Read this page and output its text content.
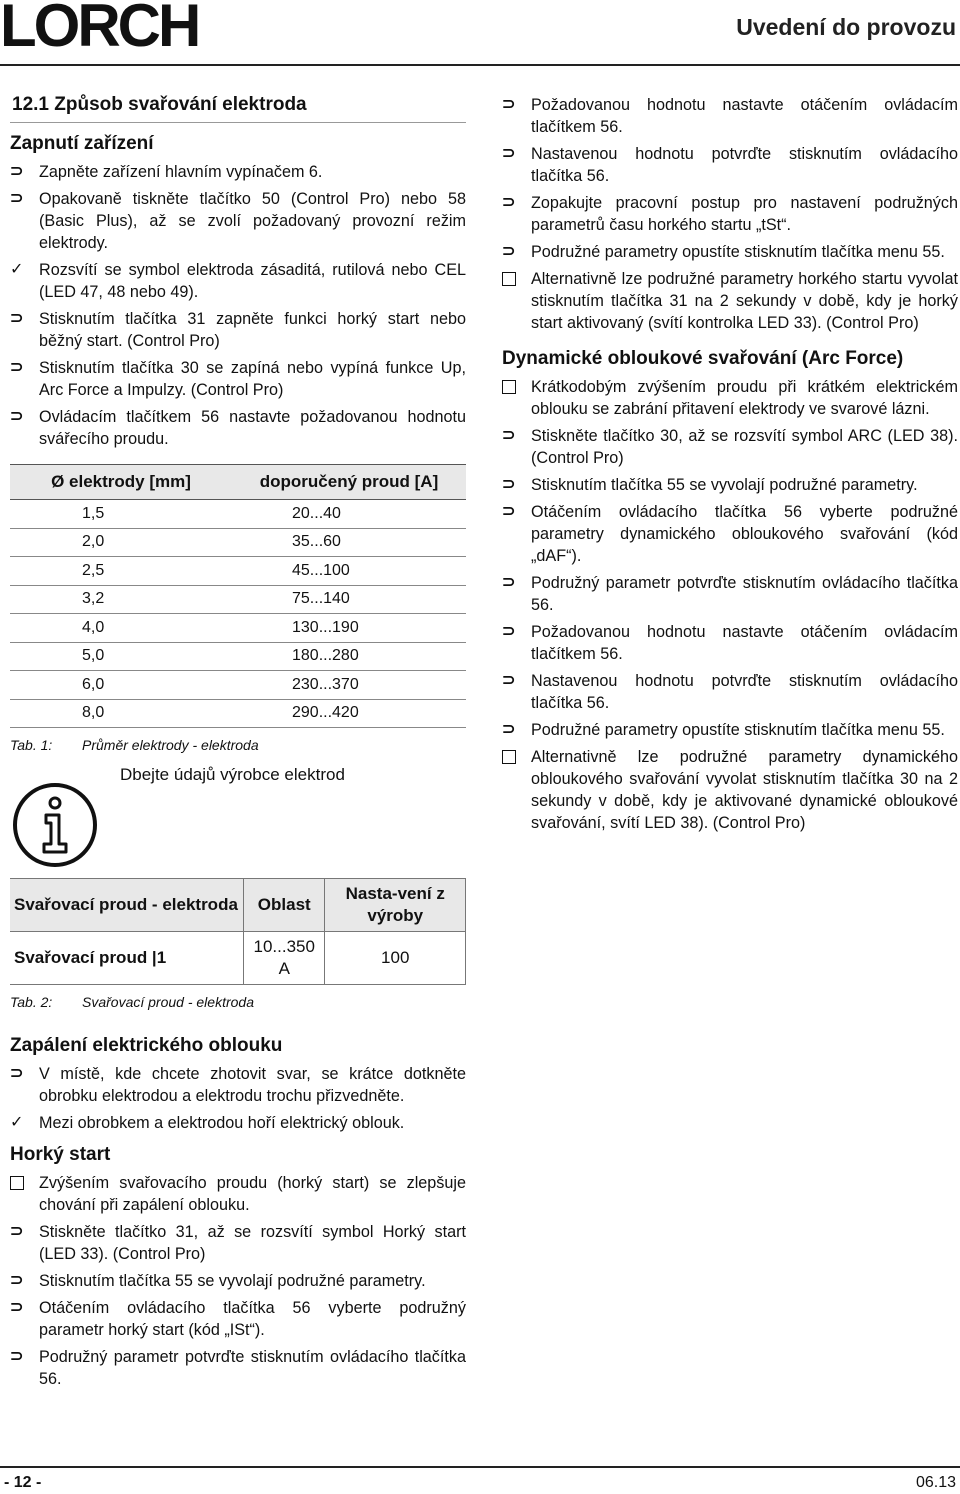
LORCH	Uvedení do provozu
12.1 Způsob svařování elektroda
Zapnutí zařízení
⊃ Zapněte zařízení hlavním vypínačem 6.
⊃ Opakovaně tiskněte tlačítko 50 (Control Pro) nebo 58 (Basic Plus), až se zvolí požadovaný provozní režim elektrody.
✓ Rozsvítí se symbol elektroda zásaditá, rutilová nebo CEL (LED 47, 48 nebo 49).
⊃ Stisknutím tlačítka 31 zapněte funkci horký start nebo běžný start. (Control Pro)
⊃ Stisknutím tlačítka 30 se zapíná nebo vypíná funkce Up, Arc Force a Impulzy. (Control Pro)
⊃ Ovládacím tlačítkem 56 nastavte požadovanou hodnotu svářecího proudu.
Ø elektrody [mm]	doporučený proud [A]
1,5	20...40
2,0	35...60
2,5	45...100
3,2	75...140
4,0	130...190
5,0	180...280
6,0	230...370
8,0	290...420
Tab. 1: Průměr elektrody - elektroda
Dbejte údajů výrobce elektrod
Svařovací proud - elektroda	Oblast	Nasta-vení z výroby
Svařovací proud |1	10...350 A	100
Tab. 2: Svařovací proud - elektroda
Zapálení elektrického oblouku
⊃ V místě, kde chcete zhotovit svar, se krátce dotkněte obrobku elektrodou a elektrodu trochu přizvedněte.
✓ Mezi obrobkem a elektrodou hoří elektrický oblouk.
Horký start
Zvýšením svařovacího proudu (horký start) se zlepšuje chování při zapálení oblouku.
⊃ Stiskněte tlačítko 31, až se rozsvítí symbol Horký start (LED 33). (Control Pro)
⊃ Stisknutím tlačítka 55 se vyvolají podružné parametry.
⊃ Otáčením ovládacího tlačítka 56 vyberte podružný parametr horký start (kód „ISt“).
⊃ Podružný parametr potvrďte stisknutím ovládacího tlačítka 56.
⊃ Požadovanou hodnotu nastavte otáčením ovládacím tlačítkem 56.
⊃ Nastavenou hodnotu potvrďte stisknutím ovládacího tlačítka 56.
⊃ Zopakujte pracovní postup pro nastavení podružných parametrů času horkého startu „tSt“.
⊃ Podružné parametry opustíte stisknutím tlačítka menu 55.
Alternativně lze podružné parametry horkého startu vyvolat stisknutím tlačítka 31 na 2 sekundy v době, kdy je horký start aktivovaný (svítí kontrolka LED 33). (Control Pro)
Dynamické obloukové svařování (Arc Force)
Krátkodobým zvýšením proudu při krátkém elektrickém oblouku se zabrání přitavení elektrody ve svarové lázni.
⊃ Stiskněte tlačítko 30, až se rozsvítí symbol ARC (LED 38). (Control Pro)
⊃ Stisknutím tlačítka 55 se vyvolají podružné parametry.
⊃ Otáčením ovládacího tlačítka 56 vyberte podružné parametry dynamického obloukového svařování (kód „dAF“).
⊃ Podružný parametr potvrďte stisknutím ovládacího tlačítka 56.
⊃ Požadovanou hodnotu nastavte otáčením ovládacím tlačítkem 56.
⊃ Nastavenou hodnotu potvrďte stisknutím ovládacího tlačítka 56.
⊃ Podružné parametry opustíte stisknutím tlačítka menu 55.
Alternativně lze podružné parametry dynamického obloukového svařování vyvolat stisknutím tlačítka 30 na 2 sekundy v době, kdy je aktivované dynamické obloukové svařování, svítí LED 38). (Control Pro)
- 12 -	06.13
